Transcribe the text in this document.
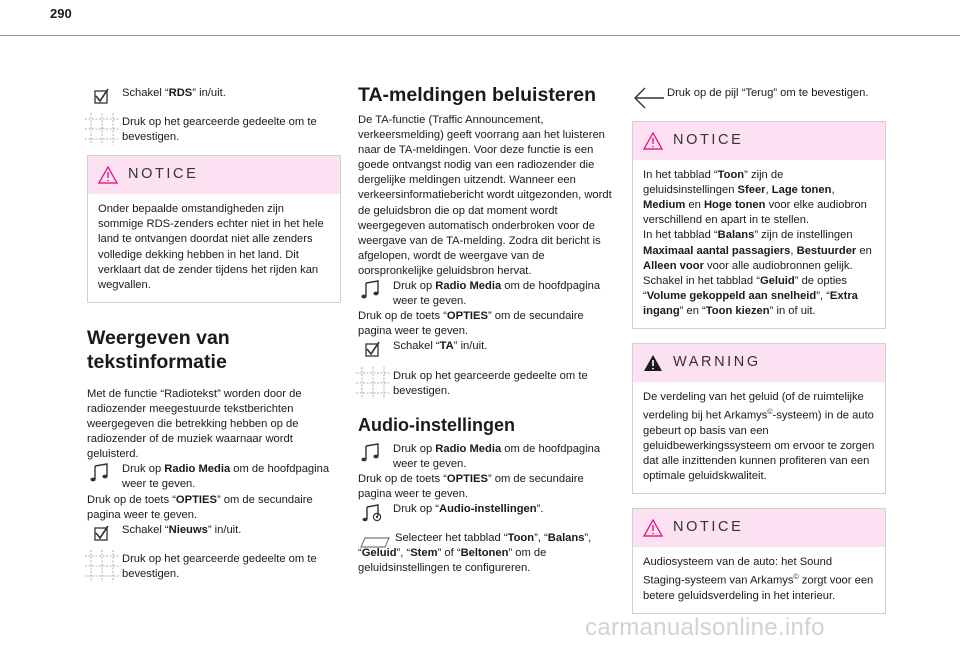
290

Schakel “RDS” in/uit.

Druk op het gearceerde gedeelte om te bevestigen.

NOTICE

Onder bepaalde omstandigheden zijn sommige RDS-zenders echter niet in het hele land te ontvangen doordat niet alle zenders volledige dekking hebben in het land. Dit verklaart dat de zender tijdens het rijden kan wegvallen.

Weergeven van tekstinformatie

Met de functie “Radiotekst” worden door de radiozender meegestuurde tekstberichten weergegeven die betrekking hebben op de radiozender of de muziek waarnaar wordt geluisterd.

Druk op Radio Media om de hoofdpagina weer te geven.

Druk op de toets “OPTIES” om de secundaire pagina weer te geven.

Schakel “Nieuws” in/uit.

Druk op het gearceerde gedeelte om te bevestigen.

TA-meldingen beluisteren

De TA-functie (Traffic Announcement, verkeersmelding) geeft voorrang aan het luisteren naar de TA-meldingen. Voor deze functie is een goede ontvangst nodig van een radiozender die dergelijke meldingen uitzendt. Wanneer een verkeersinformatiebericht wordt uitgezonden, wordt de geluidsbron die op dat moment wordt weergegeven automatisch onderbroken voor de weergave van de TA-melding. Zodra dit bericht is afgelopen, wordt de weergave van de oorspronkelijke geluidsbron hervat.

Druk op Radio Media om de hoofdpagina weer te geven.

Druk op de toets “OPTIES” om de secundaire pagina weer te geven.

Schakel “TA” in/uit.

Druk op het gearceerde gedeelte om te bevestigen.

Audio-instellingen

Druk op Radio Media om de hoofdpagina weer te geven.

Druk op de toets “OPTIES” om de secundaire pagina weer te geven.

Druk op “Audio-instellingen”.

Selecteer het tabblad “Toon”, “Balans”, “Geluid”, “Stem” of “Beltonen” om de geluidsinstellingen te configureren.

Druk op de pijl “Terug” om te bevestigen.

NOTICE

In het tabblad “Toon” zijn de geluidsinstellingen Sfeer, Lage tonen, Medium en Hoge tonen voor elke audiobron verschillend en apart in te stellen.

In het tabblad “Balans” zijn de instellingen Maximaal aantal passagiers, Bestuurder en Alleen voor voor alle audiobronnen gelijk.

Schakel in het tabblad “Geluid” de opties “Volume gekoppeld aan snelheid”, “Extra ingang” en “Toon kiezen” in of uit.

WARNING

De verdeling van het geluid (of de ruimtelijke verdeling bij het Arkamys©-systeem) in de auto gebeurt op basis van een geluidbewerkingssysteem om ervoor te zorgen dat alle inzittenden kunnen profiteren van een optimale geluidskwaliteit.

NOTICE

Audiosysteem van de auto: het Sound Staging-systeem van Arkamys© zorgt voor een betere geluidsverdeling in het interieur.

carmanualsonline.info
